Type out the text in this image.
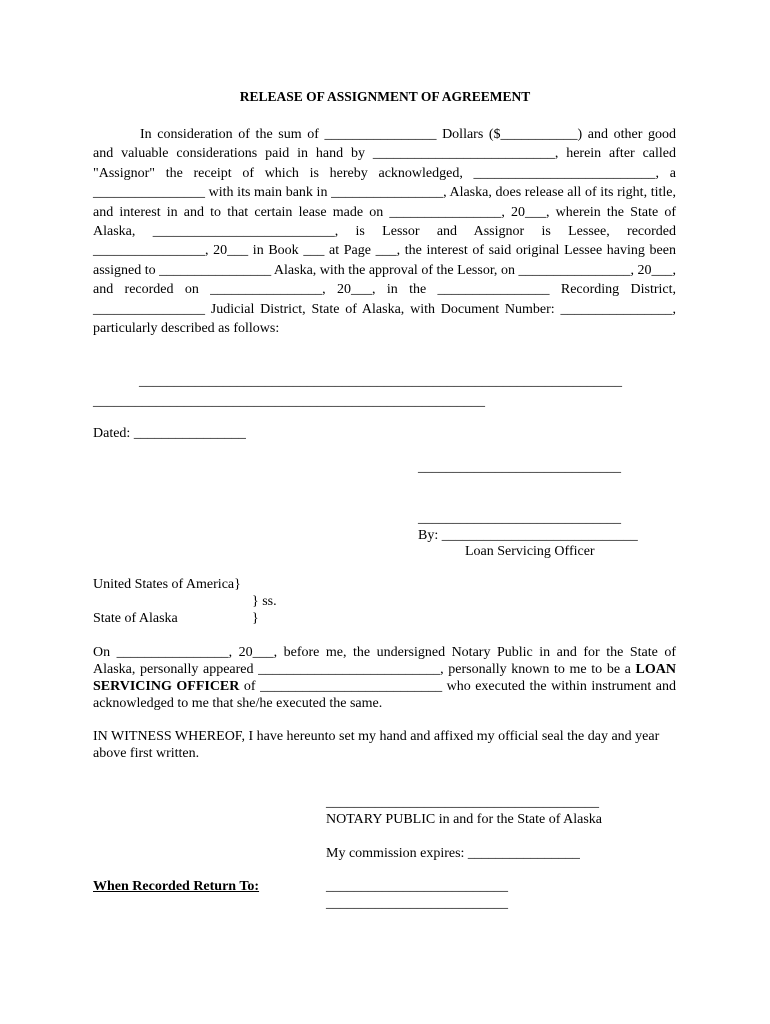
RELEASE OF ASSIGNMENT OF AGREEMENT

In consideration of the sum of ________________ Dollars ($___________) and other good and valuable considerations paid in hand by __________________________, herein after called "Assignor" the receipt of which is hereby acknowledged, __________________________, a ________________ with its main bank in ________________, Alaska, does release all of its right, title, and interest in and to that certain lease made on ________________, 20___, wherein the State of Alaska, __________________________, is Lessor and Assignor is Lessee, recorded ________________, 20___ in Book ___ at Page ___, the interest of said original Lessee having been assigned to ________________ Alaska, with the approval of the Lessor, on ________________, 20___, and recorded on ________________, 20___, in the ________________ Recording District, ________________ Judicial District, State of Alaska, with Document Number: ________________, particularly described as follows:

_____________________________________________________________________
________________________________________________________
Dated: ________________
_____________________________
_____________________________
By: ____________________________
Loan Servicing Officer
United States of America}
} ss.
State of Alaska	}

On ________________, 20___, before me, the undersigned Notary Public in and for the State of Alaska, personally appeared __________________________, personally known to me to be a LOAN SERVICING OFFICER of __________________________ who executed the within instrument and acknowledged to me that she/he executed the same.

IN WITNESS WHEREOF, I have hereunto set my hand and affixed my official seal the day and year above first written.

_______________________________________
NOTARY PUBLIC in and for the State of Alaska
My commission expires: ________________
When Recorded Return To:	__________________________
__________________________
